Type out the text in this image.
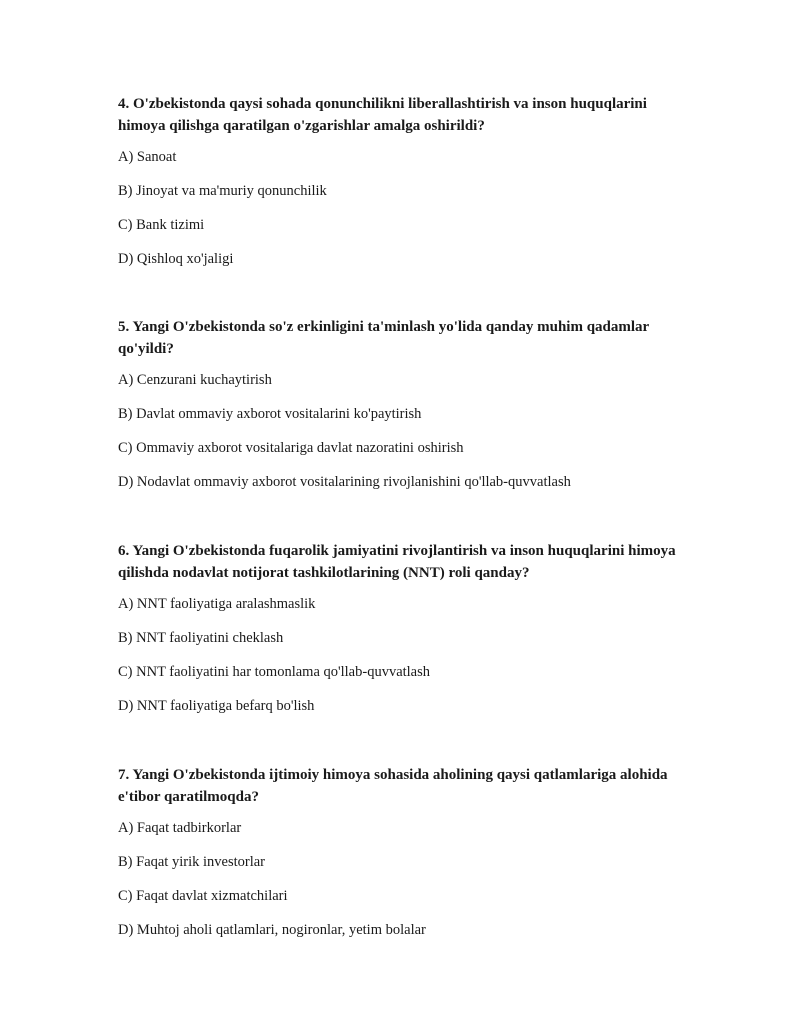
4. O'zbekistonda qaysi sohada qonunchilikni liberallashtirish va inson huquqlarini himoya qilishga qaratilgan o'zgarishlar amalga oshirildi?

A) Sanoat

B) Jinoyat va ma'muriy qonunchilik

C) Bank tizimi

D) Qishloq xo'jaligi

5. Yangi O'zbekistonda so'z erkinligini ta'minlash yo'lida qanday muhim qadamlar qo'yildi?

A) Cenzurani kuchaytirish

B) Davlat ommaviy axborot vositalarini ko'paytirish

C) Ommaviy axborot vositalariga davlat nazoratini oshirish

D) Nodavlat ommaviy axborot vositalarining rivojlanishini qo'llab-quvvatlash

6. Yangi O'zbekistonda fuqarolik jamiyatini rivojlantirish va inson huquqlarini himoya qilishda nodavlat notijorat tashkilotlarining (NNT) roli qanday?

A) NNT faoliyatiga aralashmaslik

B) NNT faoliyatini cheklash

C) NNT faoliyatini har tomonlama qo'llab-quvvatlash

D) NNT faoliyatiga befarq bo'lish

7. Yangi O'zbekistonda ijtimoiy himoya sohasida aholining qaysi qatlamlariga alohida e'tibor qaratilmoqda?

A) Faqat tadbirkorlar

B) Faqat yirik investorlar

C) Faqat davlat xizmatchilari

D) Muhtoj aholi qatlamlari, nogironlar, yetim bolalar
